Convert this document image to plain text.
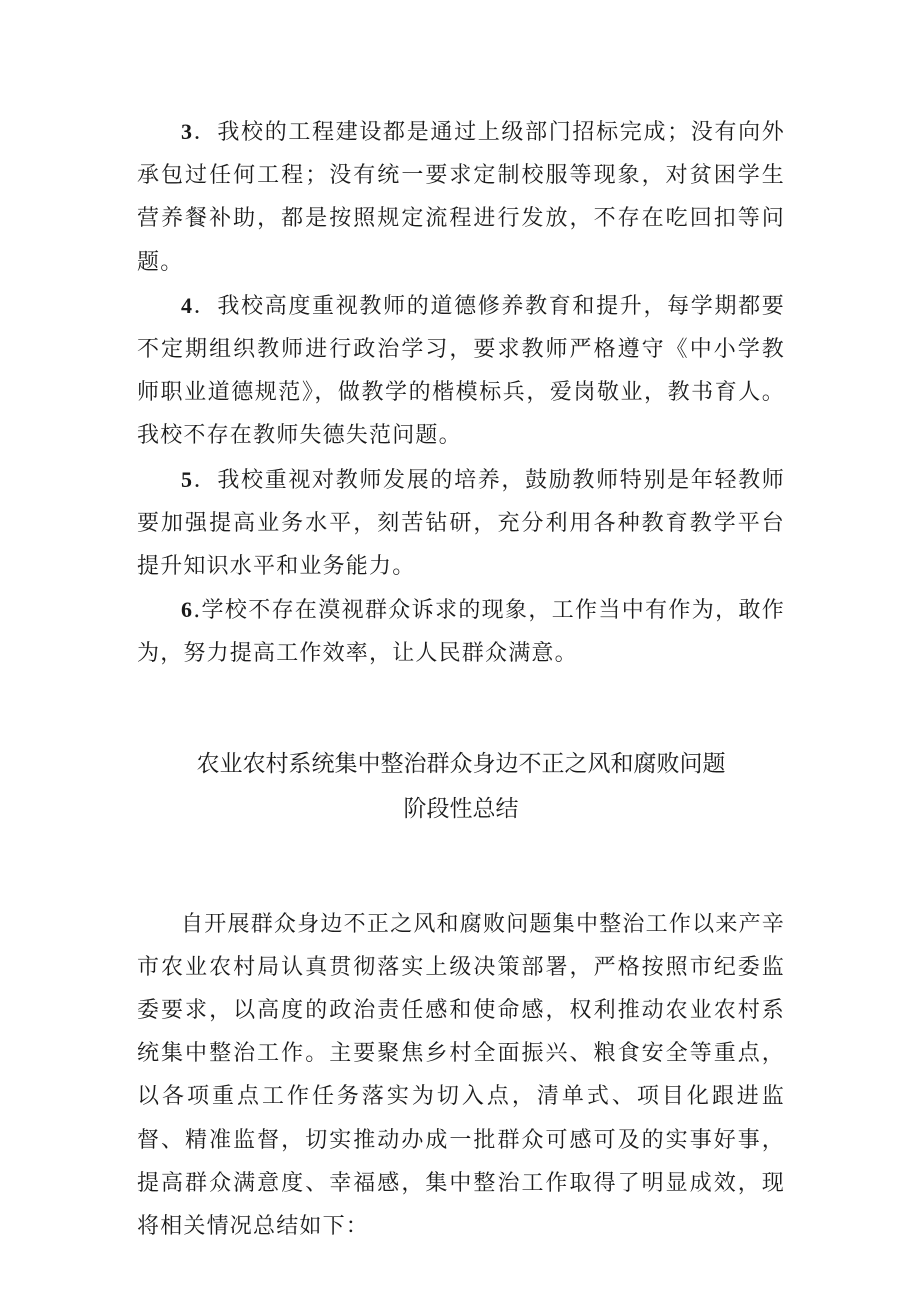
3．我校的工程建设都是通过上级部门招标完成；没有向外承包过任何工程；没有统一要求定制校服等现象，对贫困学生营养餐补助，都是按照规定流程进行发放，不存在吃回扣等问题。

4．我校高度重视教师的道德修养教育和提升，每学期都要不定期组织教师进行政治学习，要求教师严格遵守《中小学教师职业道德规范》，做教学的楷模标兵，爱岗敬业，教书育人。我校不存在教师失德失范问题。

5．我校重视对教师发展的培养，鼓励教师特别是年轻教师要加强提高业务水平，刻苦钻研，充分利用各种教育教学平台提升知识水平和业务能力。

6.学校不存在漠视群众诉求的现象，工作当中有作为，敢作为，努力提高工作效率，让人民群众满意。

农业农村系统集中整治群众身边不正之风和腐败问题
阶段性总结

自开展群众身边不正之风和腐败问题集中整治工作以来产辛市农业农村局认真贯彻落实上级决策部署，严格按照市纪委监委要求，以高度的政治责任感和使命感，权利推动农业农村系统集中整治工作。主要聚焦乡村全面振兴、粮食安全等重点，以各项重点工作任务落实为切入点，清单式、项目化跟进监督、精准监督，切实推动办成一批群众可感可及的实事好事，提高群众满意度、幸福感，集中整治工作取得了明显成效，现将相关情况总结如下：
